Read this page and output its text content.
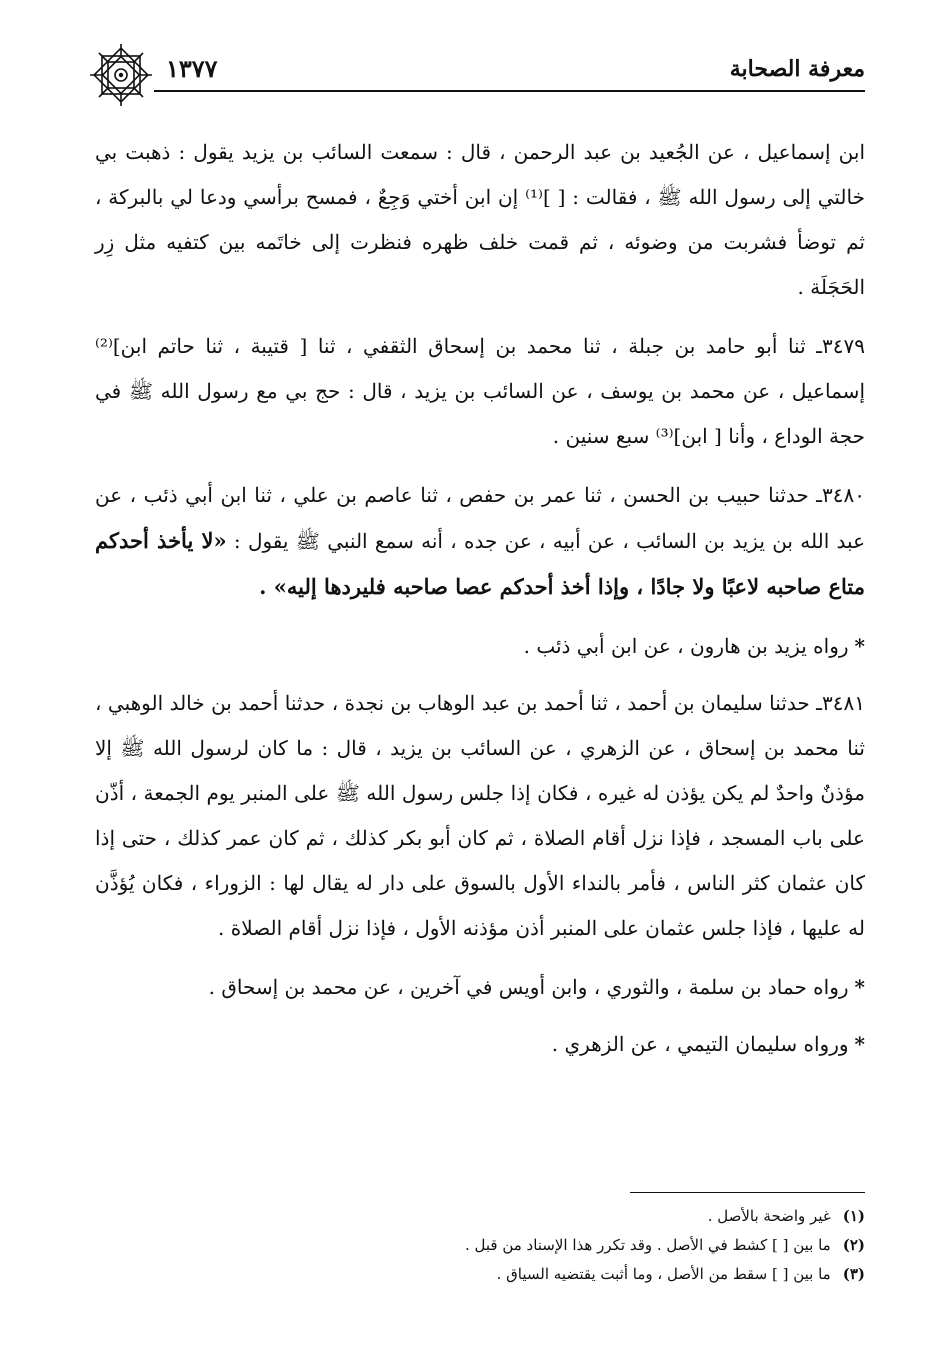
معرفة الصحابة
١٣٧٧

ابن إسماعيل ، عن الجُعيد بن عبد الرحمن ، قال : سمعت السائب بن يزيد يقول : ذهبت بي خالتي إلى رسول الله ﷺ ، فقالت : [ ]⁽¹⁾ إن ابن أختي وَجِعٌ ، فمسح برأسي ودعا لي بالبركة ، ثم توضأ فشربت من وضوئه ، ثم قمت خلف ظهره فنظرت إلى خاتَمه بين كتفيه مثل زِر الحَجَلَة .

٣٤٧٩ـ ثنا أبو حامد بن جبلة ، ثنا محمد بن إسحاق الثقفي ، ثنا [ قتيبة ، ثنا حاتم ابن]⁽²⁾ إسماعيل ، عن محمد بن يوسف ، عن السائب بن يزيد ، قال : حج بي مع رسول الله ﷺ في حجة الوداع ، وأنا [ ابن]⁽³⁾ سبع سنين .

٣٤٨٠ـ حدثنا حبيب بن الحسن ، ثنا عمر بن حفص ، ثنا عاصم بن علي ، ثنا ابن أبي ذئب ، عن عبد الله بن يزيد بن السائب ، عن أبيه ، عن جده ، أنه سمع النبي ﷺ يقول : «لا يأخذ أحدكم متاع صاحبه لاعبًا ولا جادًا ، وإذا أخذ أحدكم عصا صاحبه فليردها إليه» .

*رواه يزيد بن هارون ، عن ابن أبي ذئب .

٣٤٨١ـ حدثنا سليمان بن أحمد ، ثنا أحمد بن عبد الوهاب بن نجدة ، حدثنا أحمد بن خالد الوهبي ، ثنا محمد بن إسحاق ، عن الزهري ، عن السائب بن يزيد ، قال : ما كان لرسول الله ﷺ إلا مؤذنٌ واحدٌ لم يكن يؤذن له غيره ، فكان إذا جلس رسول الله ﷺ على المنبر يوم الجمعة ، أذّن على باب المسجد ، فإذا نزل أقام الصلاة ، ثم كان أبو بكر كذلك ، ثم كان عمر كذلك ، حتى إذا كان عثمان كثر الناس ، فأمر بالنداء الأول بالسوق على دار له يقال لها : الزوراء ، فكان يُؤذَّن له عليها ، فإذا جلس عثمان على المنبر أذن مؤذنه الأول ، فإذا نزل أقام الصلاة .

*رواه حماد بن سلمة ، والثوري ، وابن أويس في آخرين ، عن محمد بن إسحاق .

*ورواه سليمان التيمي ، عن الزهري .

(١)غير واضحة بالأصل .

(٢)ما بين [ ] كشط في الأصل . وقد تكرر هذا الإسناد من قبل .

(٣)ما بين [ ] سقط من الأصل ، وما أثبت يقتضيه السياق .
